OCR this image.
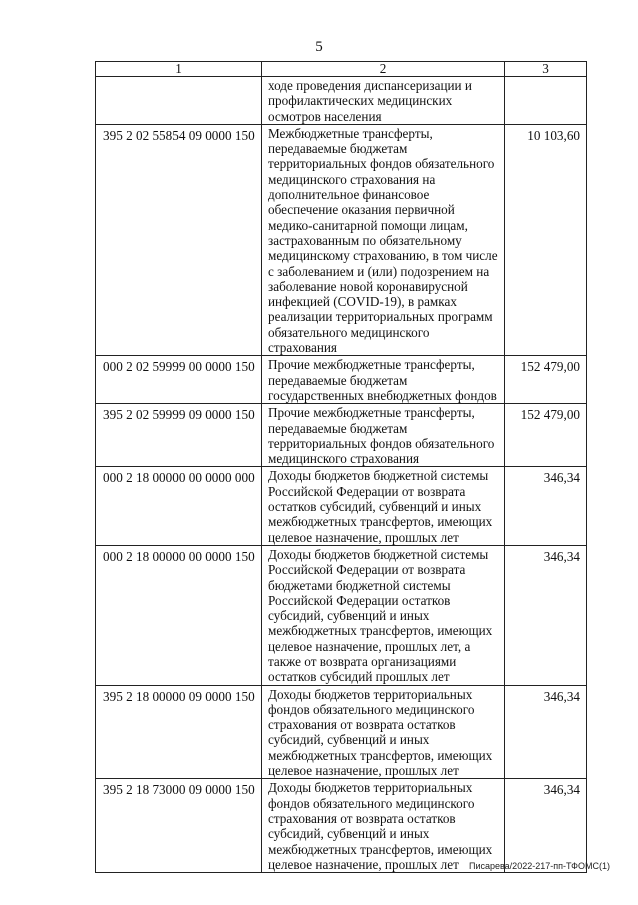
5
1	2	3
	ходе проведения диспансеризации и профилактических медицинских осмотров населения	
395 2 02 55854 09 0000 150	Межбюджетные трансферты, передаваемые бюджетам территориальных фондов обязательного медицинского страхования на дополнительное финансовое обеспечение оказания первичной медико-санитарной помощи лицам, застрахованным по обязательному медицинскому страхованию, в том числе с заболеванием и (или) подозрением на заболевание новой коронавирусной инфекцией (COVID-19), в рамках реализации территориальных программ обязательного медицинского страхования	10 103,60
000 2 02 59999 00 0000 150	Прочие межбюджетные трансферты, передаваемые бюджетам государственных внебюджетных фондов	152 479,00
395 2 02 59999 09 0000 150	Прочие межбюджетные трансферты, передаваемые бюджетам территориальных фондов обязательного медицинского страхования	152 479,00
000 2 18 00000 00 0000 000	Доходы бюджетов бюджетной системы Российской Федерации от возврата остатков субсидий, субвенций и иных межбюджетных трансфертов, имеющих целевое назначение, прошлых лет	346,34
000 2 18 00000 00 0000 150	Доходы бюджетов бюджетной системы Российской Федерации от возврата бюджетами бюджетной системы Российской Федерации остатков субсидий, субвенций и иных межбюджетных трансфертов, имеющих целевое назначение, прошлых лет, а также от возврата организациями остатков субсидий прошлых лет	346,34
395 2 18 00000 09 0000 150	Доходы бюджетов территориальных фондов обязательного медицинского страхования от возврата остатков субсидий, субвенций и иных межбюджетных трансфертов, имеющих целевое назначение, прошлых лет	346,34
395 2 18 73000 09 0000 150	Доходы бюджетов территориальных фондов обязательного медицинского страхования от возврата остатков субсидий, субвенций и иных межбюджетных трансфертов, имеющих целевое назначение, прошлых лет	346,34
Писарева/2022-217-пп-ТФОМС(1)
